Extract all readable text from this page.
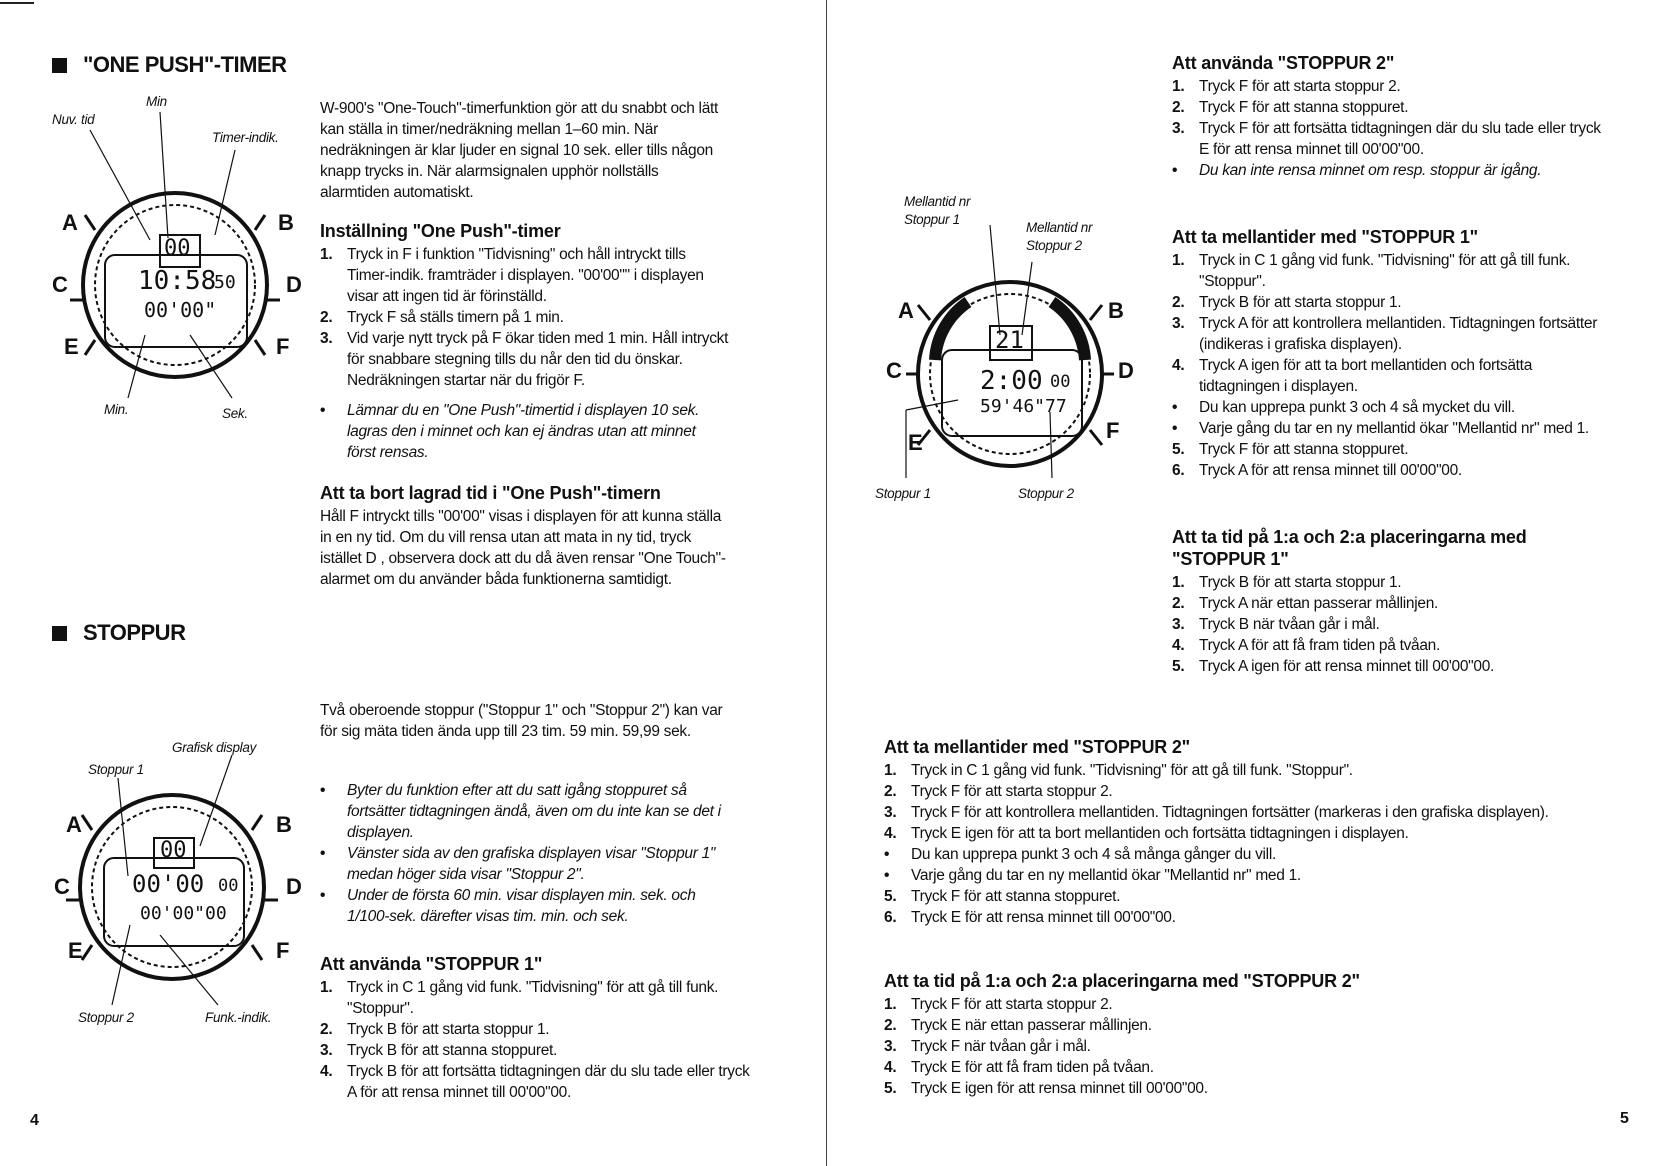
"ONE PUSH"-TIMER
Nuv. tid
Min
Timer-indik.
Min.	Sek.
A	B
C	D
E	F
00
10:58
50
00'00"

W-900's "One-Touch"-timerfunktion gör att du snabbt och lätt kan ställa in timer/nedräkning mellan 1–60 min. När nedräkningen är klar ljuder en signal 10 sek. eller tills någon knapp trycks in. När alarmsignalen upphör nollställs alarmtiden automatiskt.

Inställning "One Push"-timer
1. Tryck in F i funktion "Tidvisning" och håll intryckt tills Timer-indik. framträder i displayen. "00'00"" i displayen visar att ingen tid är förinställd.
2. Tryck F så ställs timern på 1 min.
3. Vid varje nytt tryck på F ökar tiden med 1 min. Håll intryckt för snabbare stegning tills du når den tid du önskar. Nedräkningen startar när du frigör F.
• Lämnar du en "One Push"-timertid i displayen 10 sek. lagras den i minnet och kan ej ändras utan att minnet först rensas.
Att ta bort lagrad tid i "One Push"-timern

Håll F intryckt tills "00'00" visas i displayen för att kunna ställa in en ny tid. Om du vill rensa utan att mata in ny tid, tryck istället D , observera dock att du då även rensar "One Touch"-alarmet om du använder båda funktionerna samtidigt.

STOPPUR
Grafisk display
Stoppur 1
Stoppur 2	Funk.-indik.
A	B
C	D
E	F
00
00'00 00
00'00"00

Två oberoende stoppur ("Stoppur 1" och "Stoppur 2") kan var för sig mäta tiden ända upp till 23 tim. 59 min. 59,99 sek.

• Byter du funktion efter att du satt igång stoppuret så fortsätter tidtagningen ändå, även om du inte kan se det i displayen.
• Vänster sida av den grafiska displayen visar "Stoppur 1" medan höger sida visar "Stoppur 2".
• Under de första 60 min. visar displayen min. sek. och 1/100-sek. därefter visas tim. min. och sek.
Att använda "STOPPUR 1"
1. Tryck in C 1 gång vid funk. "Tidvisning" för att gå till funk. "Stoppur".
2. Tryck B för att starta stoppur 1.
3. Tryck B för att stanna stoppuret.
4. Tryck B för att fortsätta tidtagningen där du slu tade eller tryck A för att rensa minnet till 00'00"00.
4
Att använda "STOPPUR 2"
1. Tryck F för att starta stoppur 2.
2. Tryck F för att stanna stoppuret.
3. Tryck F för att fortsätta tidtagningen där du slu tade eller tryck E för att rensa minnet till 00'00"00.
• Du kan inte rensa minnet om resp. stoppur är igång.
Mellantid nr
Stoppur 1
Mellantid nr
Stoppur 2
Stoppur 1	Stoppur 2
A	B
C	D
E	F
21
2:00 00
59'46"77
Att ta mellantider med "STOPPUR 1"
1. Tryck in C 1 gång vid funk. "Tidvisning" för att gå till funk. "Stoppur".
2. Tryck B för att starta stoppur 1.
3. Tryck A för att kontrollera mellantiden. Tidtagningen fortsätter (indikeras i grafiska displayen).
4. Tryck A igen för att ta bort mellantiden och fortsätta tidtagningen i displayen.
• Du kan upprepa punkt 3 och 4 så mycket du vill.
• Varje gång du tar en ny mellantid ökar "Mellantid nr" med 1.
5. Tryck F för att stanna stoppuret.
6. Tryck A för att rensa minnet till 00'00"00.
Att ta tid på 1:a och 2:a placeringarna med "STOPPUR 1"
1. Tryck B för att starta stoppur 1.
2. Tryck A när ettan passerar mållinjen.
3. Tryck B när tvåan går i mål.
4. Tryck A för att få fram tiden på tvåan.
5. Tryck A igen för att rensa minnet till 00'00"00.
Att ta mellantider med "STOPPUR 2"
1. Tryck in C 1 gång vid funk. "Tidvisning" för att gå till funk. "Stoppur".
2. Tryck F för att starta stoppur 2.
3. Tryck F för att kontrollera mellantiden. Tidtagningen fortsätter (markeras i den grafiska displayen).
4. Tryck E igen för att ta bort mellantiden och fortsätta tidtagningen i displayen.
• Du kan upprepa punkt 3 och 4 så många gånger du vill.
• Varje gång du tar en ny mellantid ökar "Mellantid nr" med 1.
5. Tryck F för att stanna stoppuret.
6. Tryck E för att rensa minnet till 00'00"00.
Att ta tid på 1:a och 2:a placeringarna med "STOPPUR 2"
1. Tryck F för att starta stoppur 2.
2. Tryck E när ettan passerar mållinjen.
3. Tryck F när tvåan går i mål.
4. Tryck E för att få fram tiden på tvåan.
5. Tryck E igen för att rensa minnet till 00'00"00.
5
